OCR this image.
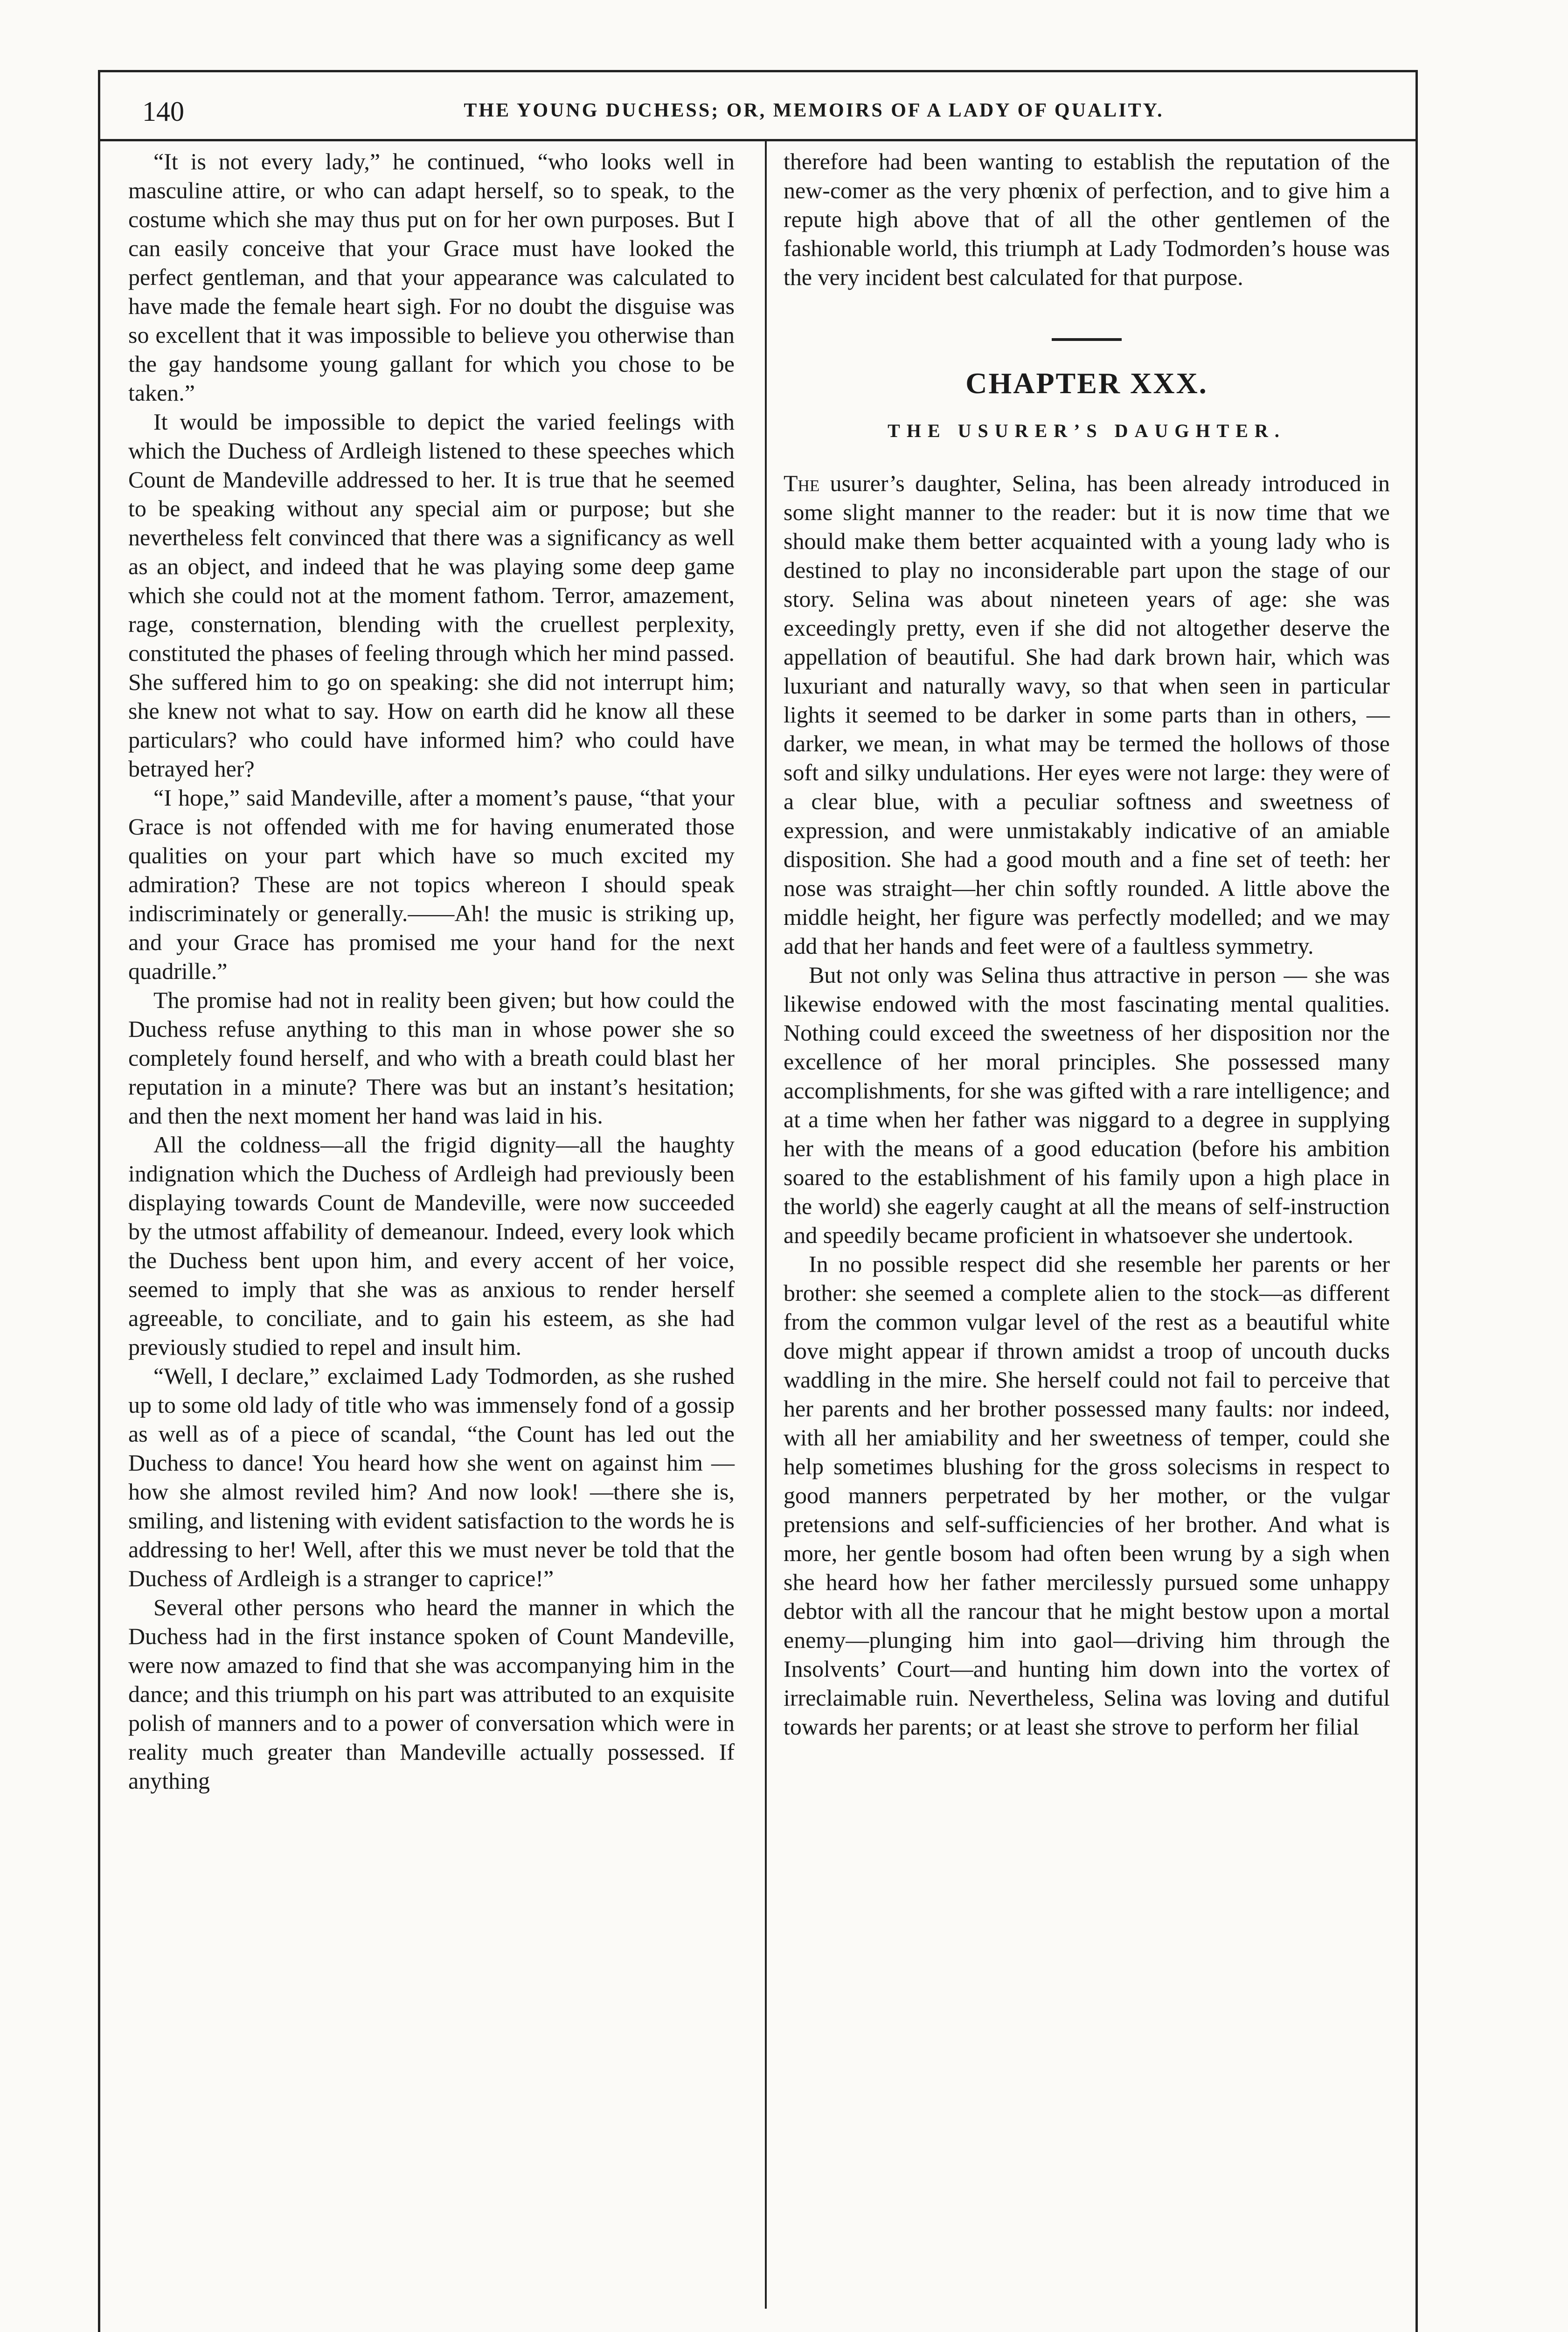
140	THE YOUNG DUCHESS; OR, MEMOIRS OF A LADY OF QUALITY.

“It is not every lady,” he continued, “who looks well in masculine attire, or who can adapt herself, so to speak, to the costume which she may thus put on for her own purposes. But I can easily conceive that your Grace must have looked the perfect gentleman, and that your appearance was calculated to have made the female heart sigh. For no doubt the disguise was so excellent that it was impossible to believe you otherwise than the gay handsome young gallant for which you chose to be taken.”

It would be impossible to depict the varied feelings with which the Duchess of Ardleigh listened to these speeches which Count de Mandeville addressed to her. It is true that he seemed to be speaking without any special aim or purpose; but she nevertheless felt convinced that there was a significancy as well as an object, and indeed that he was playing some deep game which she could not at the moment fathom. Terror, amazement, rage, consternation, blending with the cruellest perplexity, constituted the phases of feeling through which her mind passed. She suffered him to go on speaking: she did not interrupt him; she knew not what to say. How on earth did he know all these particulars? who could have informed him? who could have betrayed her?

“I hope,” said Mandeville, after a moment’s pause, “that your Grace is not offended with me for having enumerated those qualities on your part which have so much excited my admiration? These are not topics whereon I should speak indiscriminately or generally.——Ah! the music is striking up, and your Grace has promised me your hand for the next quadrille.”

The promise had not in reality been given; but how could the Duchess refuse anything to this man in whose power she so completely found herself, and who with a breath could blast her reputation in a minute? There was but an instant’s hesitation; and then the next moment her hand was laid in his.

All the coldness—all the frigid dignity—all the haughty indignation which the Duchess of Ardleigh had previously been displaying towards Count de Mandeville, were now succeeded by the utmost affability of demeanour. Indeed, every look which the Duchess bent upon him, and every accent of her voice, seemed to imply that she was as anxious to render herself agreeable, to conciliate, and to gain his esteem, as she had previously studied to repel and insult him.

“Well, I declare,” exclaimed Lady Todmorden, as she rushed up to some old lady of title who was immensely fond of a gossip as well as of a piece of scandal, “the Count has led out the Duchess to dance! You heard how she went on against him —how she almost reviled him? And now look! —there she is, smiling, and listening with evident satisfaction to the words he is addressing to her! Well, after this we must never be told that the Duchess of Ardleigh is a stranger to caprice!”

Several other persons who heard the manner in which the Duchess had in the first instance spoken of Count Mandeville, were now amazed to find that she was accompanying him in the dance; and this triumph on his part was attributed to an exquisite polish of manners and to a power of conversation which were in reality much greater than Mandeville actually possessed. If anything

therefore had been wanting to establish the reputation of the new-comer as the very phœnix of perfection, and to give him a repute high above that of all the other gentlemen of the fashionable world, this triumph at Lady Todmorden’s house was the very incident best calculated for that purpose.

CHAPTER XXX.
THE USURER’S DAUGHTER.

The usurer’s daughter, Selina, has been already introduced in some slight manner to the reader: but it is now time that we should make them better acquainted with a young lady who is destined to play no inconsiderable part upon the stage of our story. Selina was about nineteen years of age: she was exceedingly pretty, even if she did not altogether deserve the appellation of beautiful. She had dark brown hair, which was luxuriant and naturally wavy, so that when seen in particular lights it seemed to be darker in some parts than in others, — darker, we mean, in what may be termed the hollows of those soft and silky undulations. Her eyes were not large: they were of a clear blue, with a peculiar softness and sweetness of expression, and were unmistakably indicative of an amiable disposition. She had a good mouth and a fine set of teeth: her nose was straight—her chin softly rounded. A little above the middle height, her figure was perfectly modelled; and we may add that her hands and feet were of a faultless symmetry.

But not only was Selina thus attractive in person — she was likewise endowed with the most fascinating mental qualities. Nothing could exceed the sweetness of her disposition nor the excellence of her moral principles. She possessed many accomplishments, for she was gifted with a rare intelligence; and at a time when her father was niggard to a degree in supplying her with the means of a good education (before his ambition soared to the establishment of his family upon a high place in the world) she eagerly caught at all the means of self-instruction and speedily became proficient in whatsoever she undertook.

In no possible respect did she resemble her parents or her brother: she seemed a complete alien to the stock—as different from the common vulgar level of the rest as a beautiful white dove might appear if thrown amidst a troop of uncouth ducks waddling in the mire. She herself could not fail to perceive that her parents and her brother possessed many faults: nor indeed, with all her amiability and her sweetness of temper, could she help sometimes blushing for the gross solecisms in respect to good manners perpetrated by her mother, or the vulgar pretensions and self-sufficiencies of her brother. And what is more, her gentle bosom had often been wrung by a sigh when she heard how her father mercilessly pursued some unhappy debtor with all the rancour that he might bestow upon a mortal enemy—plunging him into gaol—driving him through the Insolvents’ Court—and hunting him down into the vortex of irreclaimable ruin. Nevertheless, Selina was loving and dutiful towards her parents; or at least she strove to perform her filial
